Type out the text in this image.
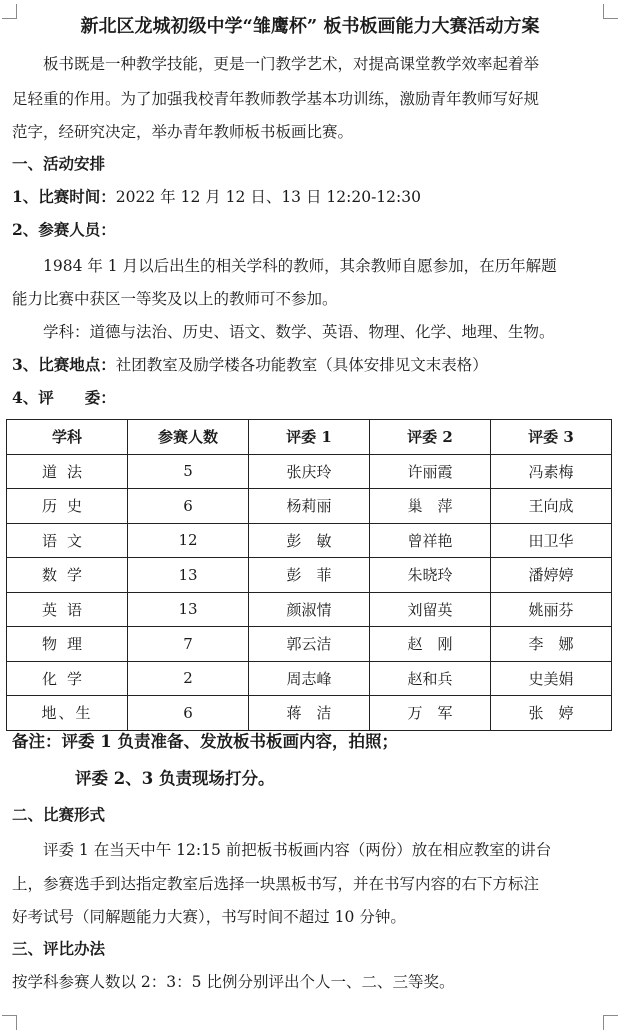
新北区龙城初级中学“雏鹰杯” 板书板画能力大赛活动方案
板书既是一种教学技能，更是一门教学艺术，对提高课堂教学效率起着举
足轻重的作用。为了加强我校青年教师教学基本功训练，激励青年教师写好规
范字，经研究决定，举办青年教师板书板画比赛。
一、活动安排
1、比赛时间：2022 年 12 月 12 日、13 日 12:20-12:30
2、参赛人员：
1984 年 1 月以后出生的相关学科的教师，其余教师自愿参加，在历年解题
能力比赛中获区一等奖及以上的教师可不参加。
学科：道德与法治、历史、语文、数学、英语、物理、化学、地理、生物。
3、比赛地点：社团教室及励学楼各功能教室（具体安排见文末表格）
4、评　　委：
学科	参赛人数	评委 1	评委 2	评委 3
道法	5	张庆玲	许丽霞	冯素梅
历史	6	杨莉丽	巢　萍	王向成
语文	12	彭　敏	曾祥艳	田卫华
数学	13	彭　菲	朱晓玲	潘婷婷
英语	13	颜淑情	刘留英	姚丽芬
物理	7	郭云洁	赵　刚	李　娜
化学	2	周志峰	赵和兵	史美娟
地、生	6	蒋　洁	万　军	张　婷
备注：评委 1 负责准备、发放板书板画内容，拍照；
评委 2、3 负责现场打分。
二、比赛形式
评委 1 在当天中午 12:15 前把板书板画内容（两份）放在相应教室的讲台
上，参赛选手到达指定教室后选择一块黑板书写，并在书写内容的右下方标注
好考试号（同解题能力大赛），书写时间不超过 10 分钟。
三、评比办法
按学科参赛人数以 2：3：5 比例分别评出个人一、二、三等奖。
